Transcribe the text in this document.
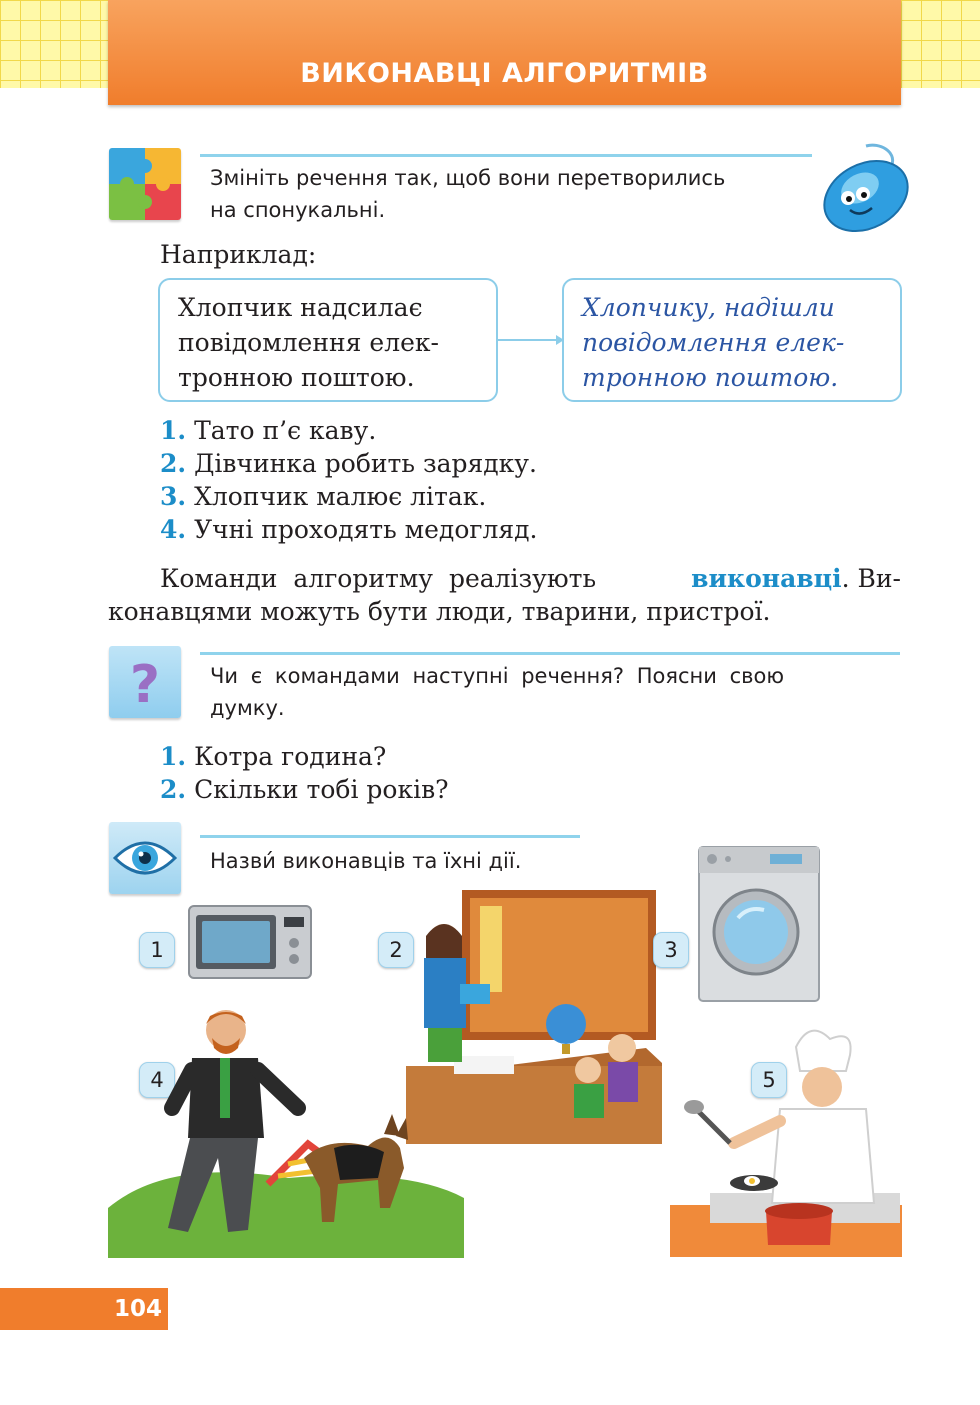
ВИКОНАВЦІ АЛГОРИТМІВ
Змініть речення так, щоб вони перетворились
на спонукальні.
Наприклад:
Хлопчик надсилає
повідомлення елек-
тронною поштою.
Хлопчику, надішли
повідомлення елек-
тронною поштою.
1. Тато п’є каву.
2. Дівчинка робить зарядку.
3. Хлопчик малює літак.
4. Учні проходять медогляд.
Команди алгоритму реалізують	виконавці. Ви-
конавцями можуть бути люди, тварини, пристрої.
? Чи є командами наступні речення? Поясни свою
думку.
1. Котра година?
2. Скільки тобі років?
Назви́ виконавців та їхні дії.
1	2	3
4	5
104
